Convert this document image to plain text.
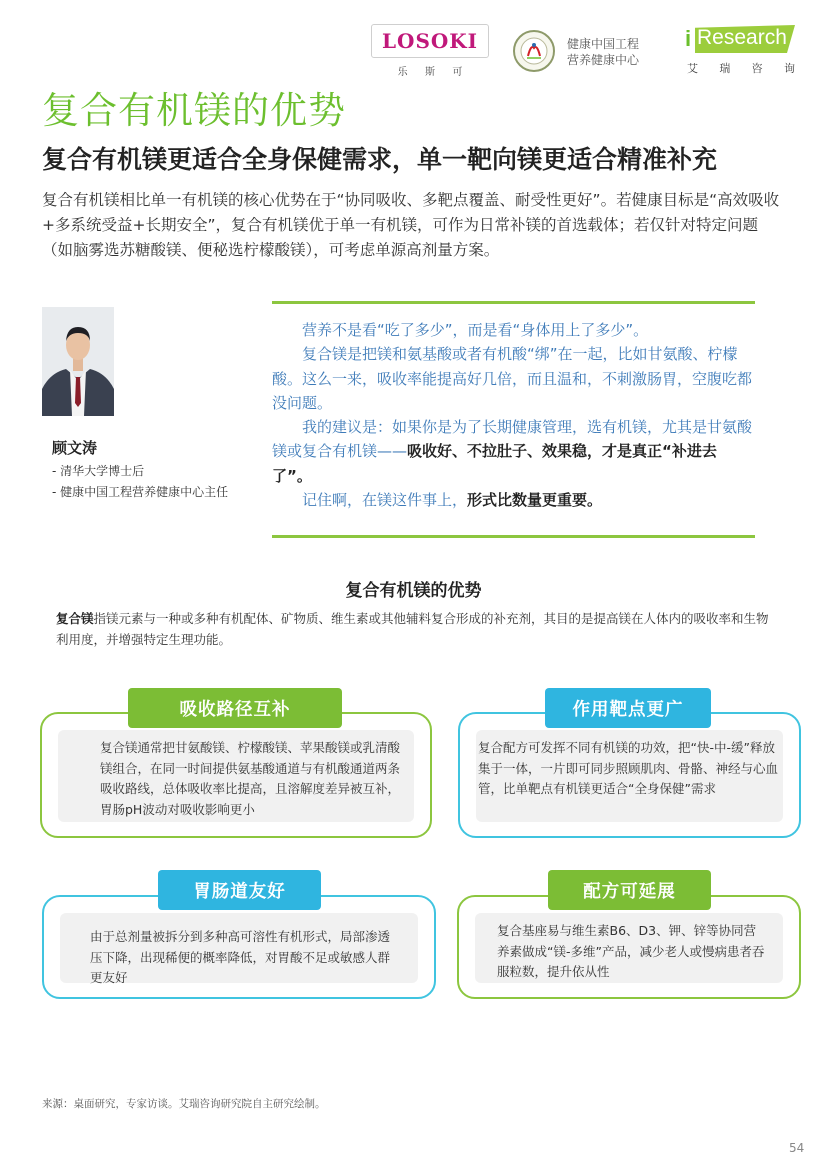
LOSOKI
乐 斯 可
健康中国工程
营养健康中心
i Research
艾 瑞 咨 询
复合有机镁的优势
复合有机镁更适合全身保健需求，单一靶向镁更适合精准补充

复合有机镁相比单一有机镁的核心优势在于“协同吸收、多靶点覆盖、耐受性更好”。若健康目标是“高效吸收+多系统受益+长期安全”，复合有机镁优于单一有机镁，可作为日常补镁的首选载体；若仅针对特定问题（如脑雾选苏糖酸镁、便秘选柠檬酸镁），可考虑单源高剂量方案。

顾文涛
- 清华大学博士后
- 健康中国工程营养健康中心主任

营养不是看“吃了多少”，而是看“身体用上了多少”。

复合镁是把镁和氨基酸或者有机酸“绑”在一起，比如甘氨酸、柠檬酸。这么一来，吸收率能提高好几倍，而且温和，不刺激肠胃，空腹吃都没问题。

我的建议是：如果你是为了长期健康管理，选有机镁，尤其是甘氨酸镁或复合有机镁——吸收好、不拉肚子、效果稳，才是真正“补进去了”。

记住啊，在镁这件事上，形式比数量更重要。

复合有机镁的优势

复合镁指镁元素与一种或多种有机配体、矿物质、维生素或其他辅料复合形成的补充剂，其目的是提高镁在人体内的吸收率和生物利用度，并增强特定生理功能。

复合镁通常把甘氨酸镁、柠檬酸镁、苹果酸镁或乳清酸镁组合，在同一时间提供氨基酸通道与有机酸通道两条吸收路线，总体吸收率比提高，且溶解度差异被互补，胃肠pH波动对吸收影响更小
吸收路径互补
复合配方可发挥不同有机镁的功效，把“快-中-缓”释放集于一体，一片即可同步照顾肌肉、骨骼、神经与心血管，比单靶点有机镁更适合“全身保健”需求
作用靶点更广
由于总剂量被拆分到多种高可溶性有机形式，局部渗透压下降，出现稀便的概率降低，对胃酸不足或敏感人群更友好
胃肠道友好
复合基座易与维生素B6、D3、钾、锌等协同营养素做成“镁-多维”产品，减少老人或慢病患者吞服粒数，提升依从性
配方可延展
来源：桌面研究，专家访谈。艾瑞咨询研究院自主研究绘制。
54
